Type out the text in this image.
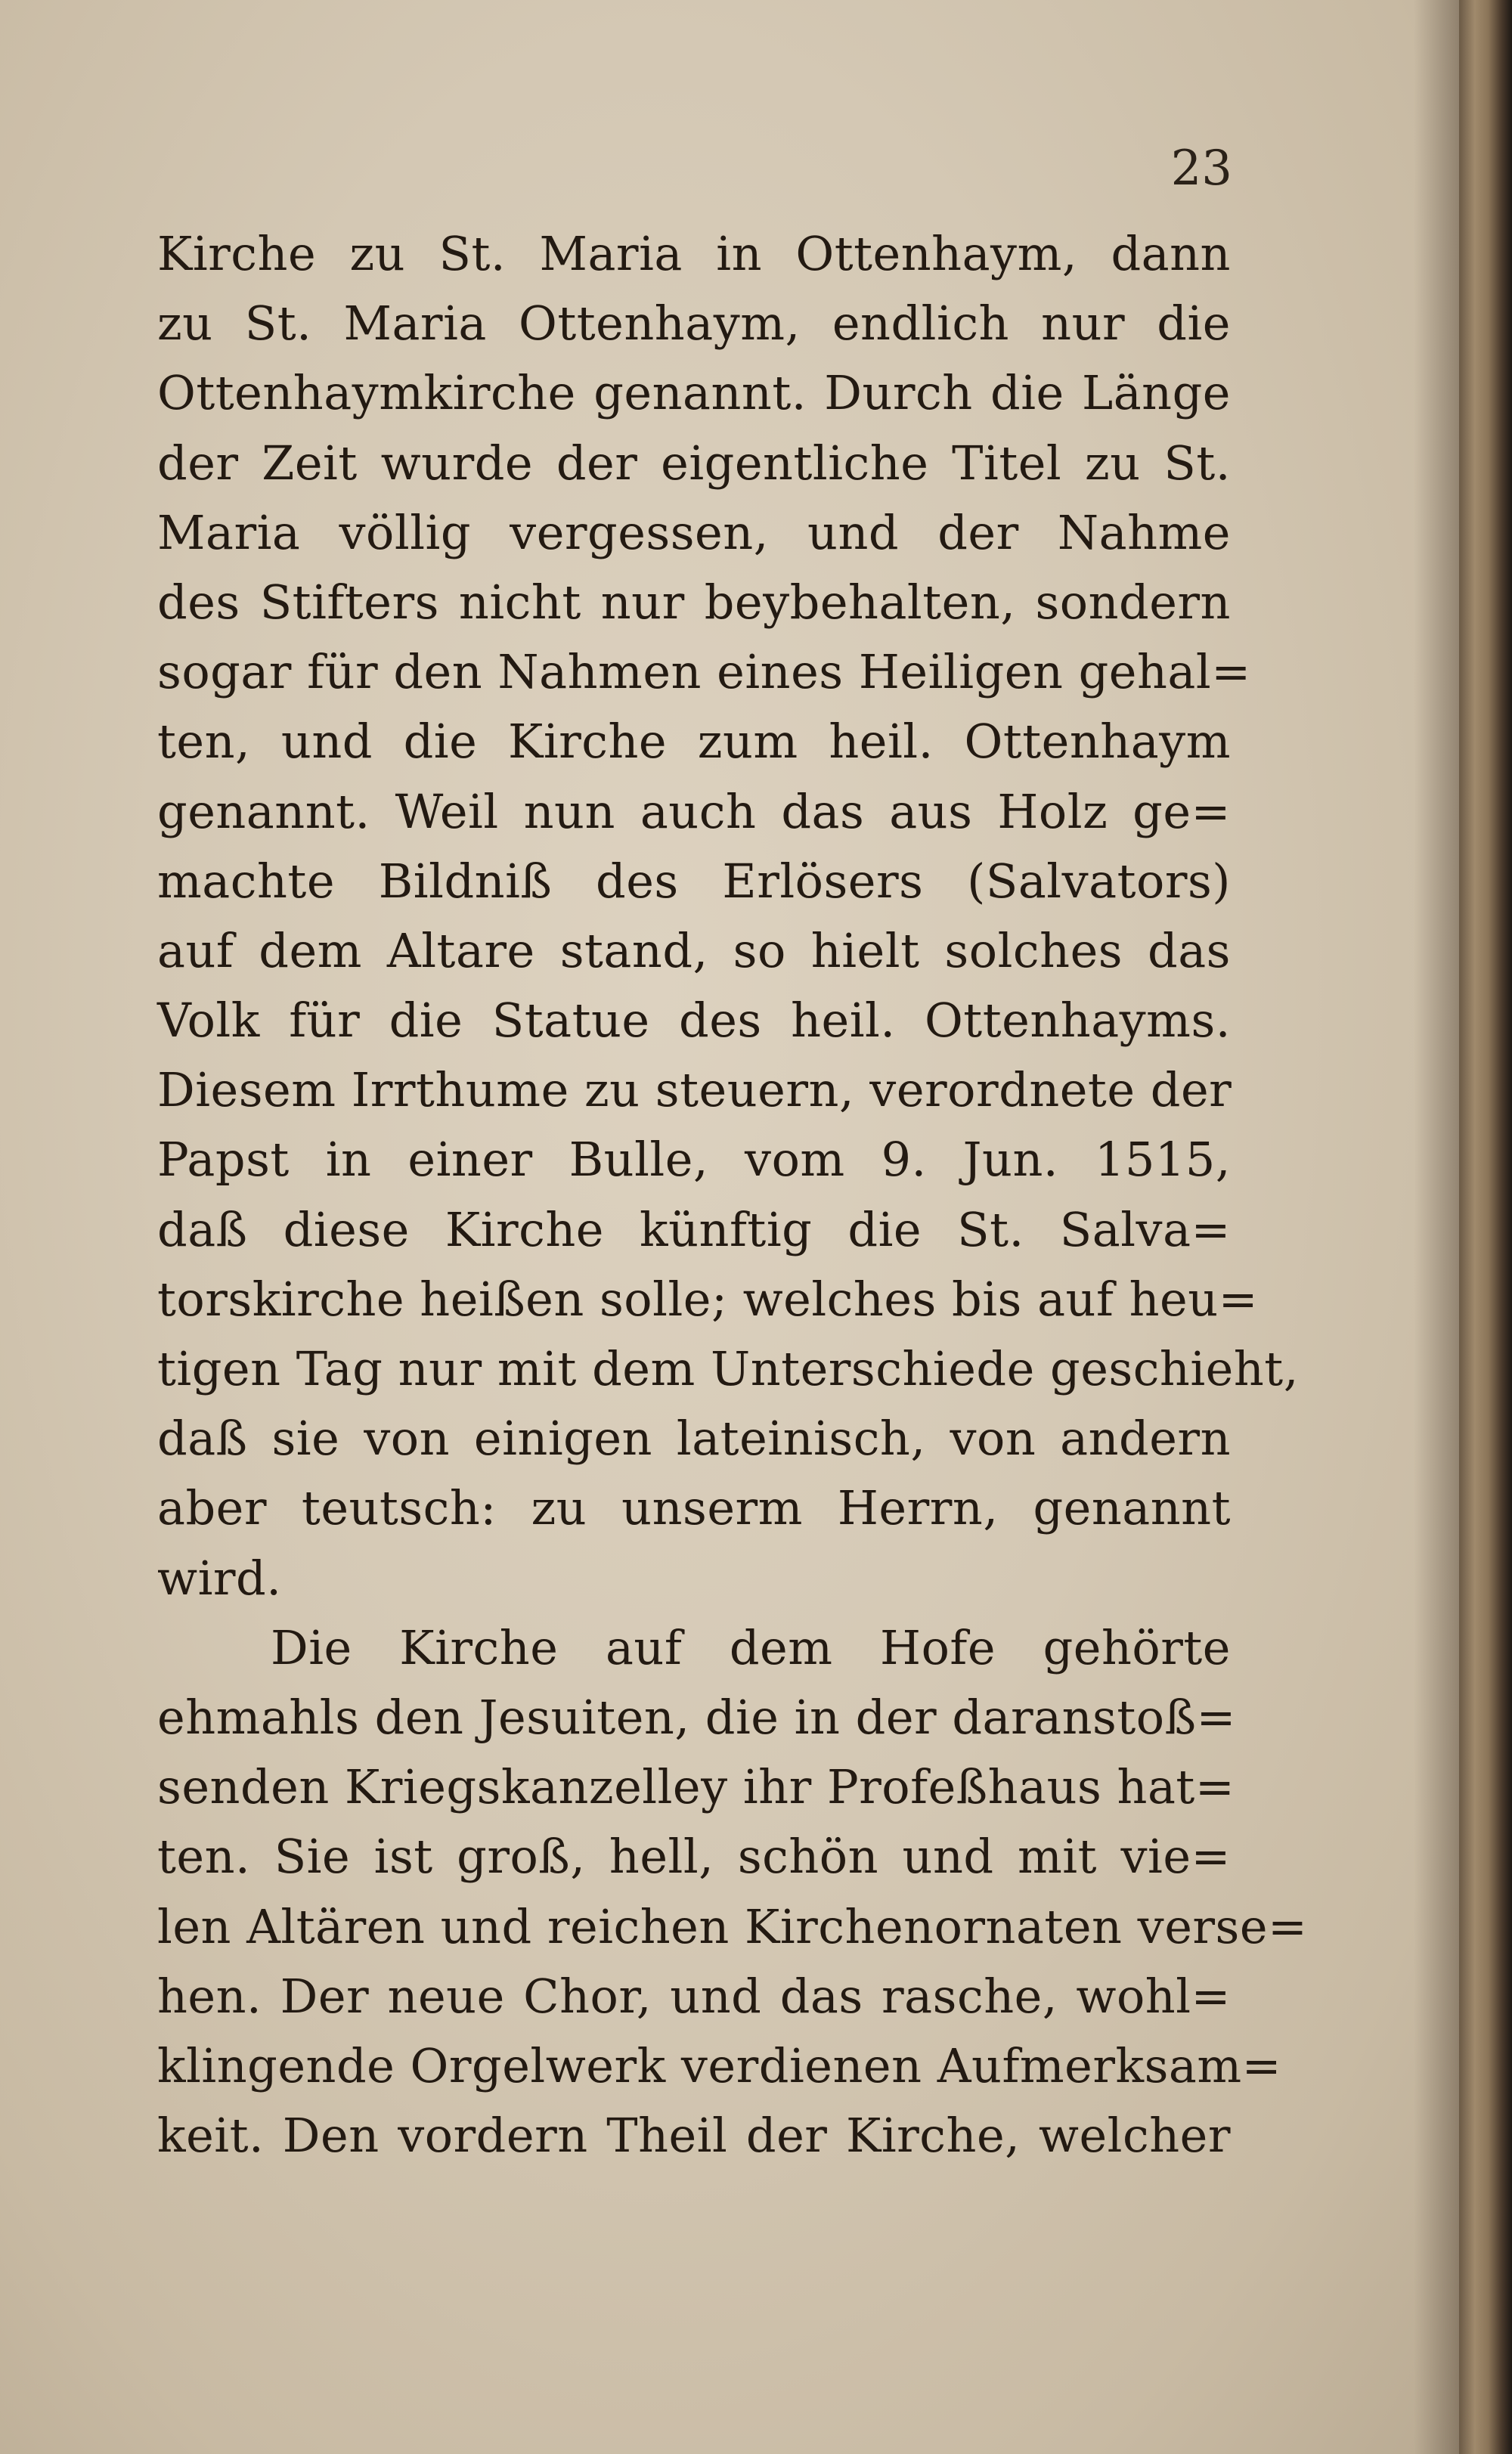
23
Kirche zu St. Maria in Ottenhaym, dann
zu St. Maria Ottenhaym, endlich nur die
Ottenhaymkirche genannt. Durch die Länge
der Zeit wurde der eigentliche Titel zu St.
Maria völlig vergessen, und der Nahme
des Stifters nicht nur beybehalten, sondern
sogar für den Nahmen eines Heiligen gehal=
ten, und die Kirche zum heil. Ottenhaym
genannt. Weil nun auch das aus Holz ge=
machte Bildniß des Erlösers (Salvators)
auf dem Altare stand, so hielt solches das
Volk für die Statue des heil. Ottenhayms.
Diesem Irrthume zu steuern, verordnete der
Papst in einer Bulle, vom 9. Jun. 1515,
daß diese Kirche künftig die St. Salva=
torskirche heißen solle; welches bis auf heu=
tigen Tag nur mit dem Unterschiede geschieht,
daß sie von einigen lateinisch, von andern
aber teutsch: zu unserm Herrn, genannt
wird.
Die Kirche auf dem Hofe gehörte
ehmahls den Jesuiten, die in der daranstoß=
senden Kriegskanzelley ihr Profeßhaus hat=
ten. Sie ist groß, hell, schön und mit vie=
len Altären und reichen Kirchenornaten verse=
hen. Der neue Chor, und das rasche, wohl=
klingende Orgelwerk verdienen Aufmerksam=
keit. Den vordern Theil der Kirche, welcher
